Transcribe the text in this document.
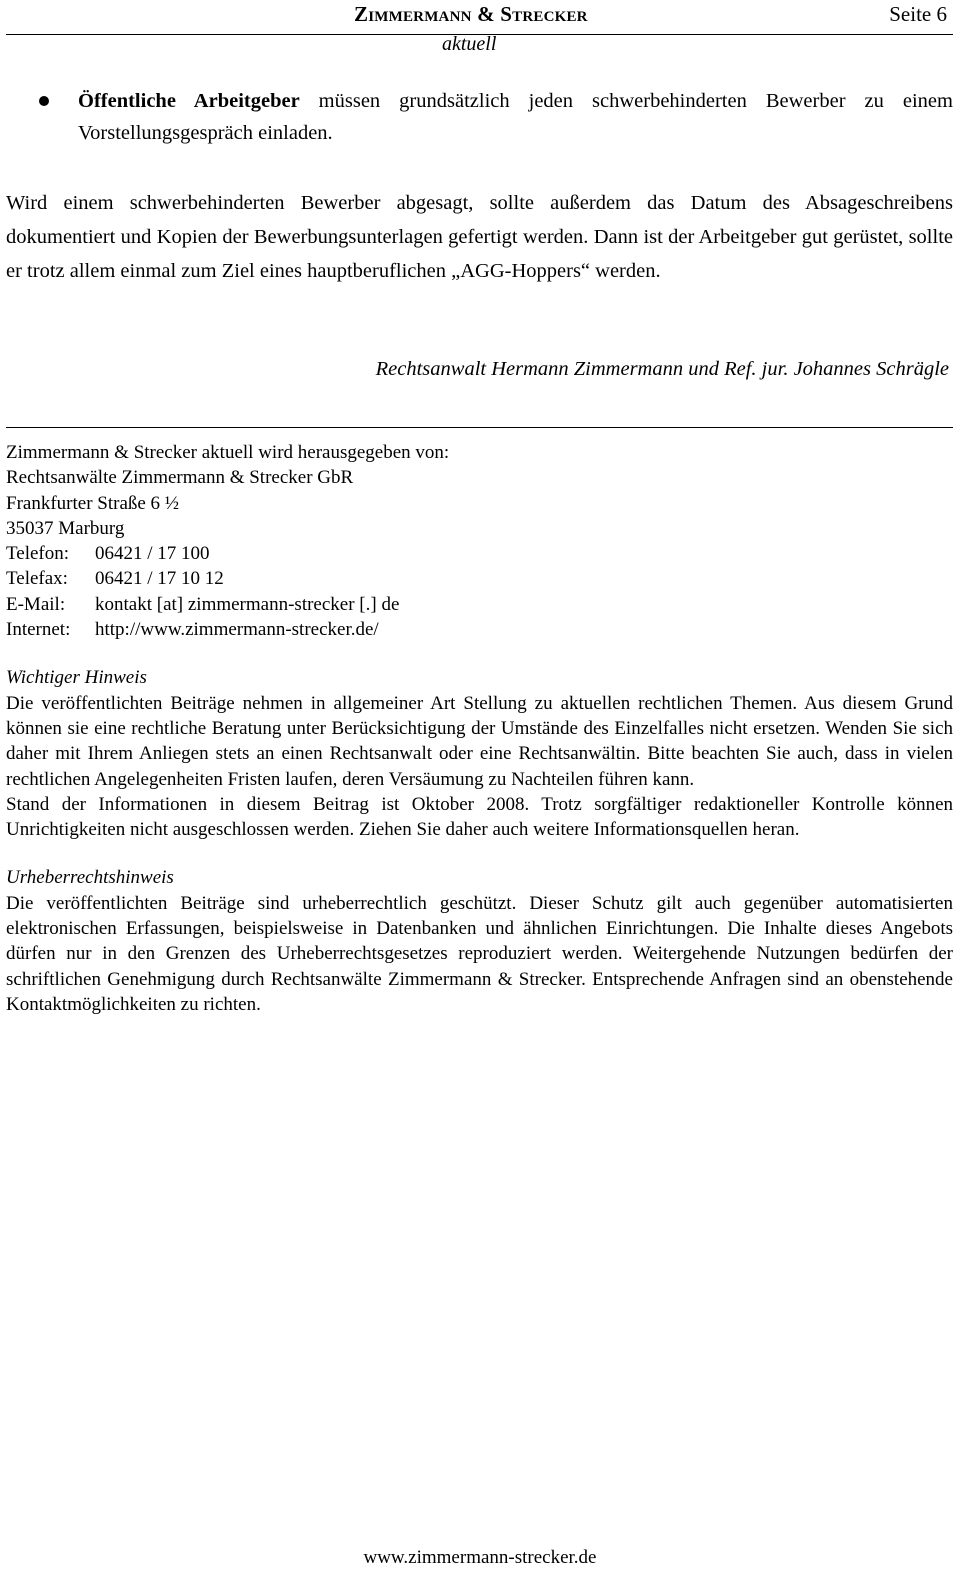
Zimmermann & Strecker	Seite 6
aktuell
Öffentliche Arbeitgeber müssen grundsätzlich jeden schwerbehinderten Bewerber zu einem Vorstellungsgespräch einladen.
Wird einem schwerbehinderten Bewerber abgesagt, sollte außerdem das Datum des Absageschreibens dokumentiert und Kopien der Bewerbungsunterlagen gefertigt werden. Dann ist der Arbeitgeber gut gerüstet, sollte er trotz allem einmal zum Ziel eines hauptberuflichen „AGG-Hoppers“ werden.
Rechtsanwalt Hermann Zimmermann und Ref. jur. Johannes Schrägle
Zimmermann & Strecker aktuell wird herausgegeben von:
Rechtsanwälte Zimmermann & Strecker GbR
Frankfurter Straße 6 ½
35037 Marburg
Telefon: 06421 / 17 100
Telefax: 06421 / 17 10 12
E-Mail: kontakt [at] zimmermann-strecker [.] de
Internet: http://www.zimmermann-strecker.de/
Wichtiger Hinweis
Die veröffentlichten Beiträge nehmen in allgemeiner Art Stellung zu aktuellen rechtlichen Themen. Aus diesem Grund können sie eine rechtliche Beratung unter Berücksichtigung der Umstände des Einzelfalles nicht ersetzen. Wenden Sie sich daher mit Ihrem Anliegen stets an einen Rechtsanwalt oder eine Rechtsanwältin. Bitte beachten Sie auch, dass in vielen rechtlichen Angelegenheiten Fristen laufen, deren Versäumung zu Nachteilen führen kann.
Stand der Informationen in diesem Beitrag ist Oktober 2008. Trotz sorgfältiger redaktioneller Kontrolle können Unrichtigkeiten nicht ausgeschlossen werden. Ziehen Sie daher auch weitere Informationsquellen heran.
Urheberrechtshinweis
Die veröffentlichten Beiträge sind urheberrechtlich geschützt. Dieser Schutz gilt auch gegenüber automatisierten elektronischen Erfassungen, beispielsweise in Datenbanken und ähnlichen Einrichtungen. Die Inhalte dieses Angebots dürfen nur in den Grenzen des Urheberrechtsgesetzes reproduziert werden. Weitergehende Nutzungen bedürfen der schriftlichen Genehmigung durch Rechtsanwälte Zimmermann & Strecker. Entsprechende Anfragen sind an obenstehende Kontaktmöglichkeiten zu richten.
www.zimmermann-strecker.de
